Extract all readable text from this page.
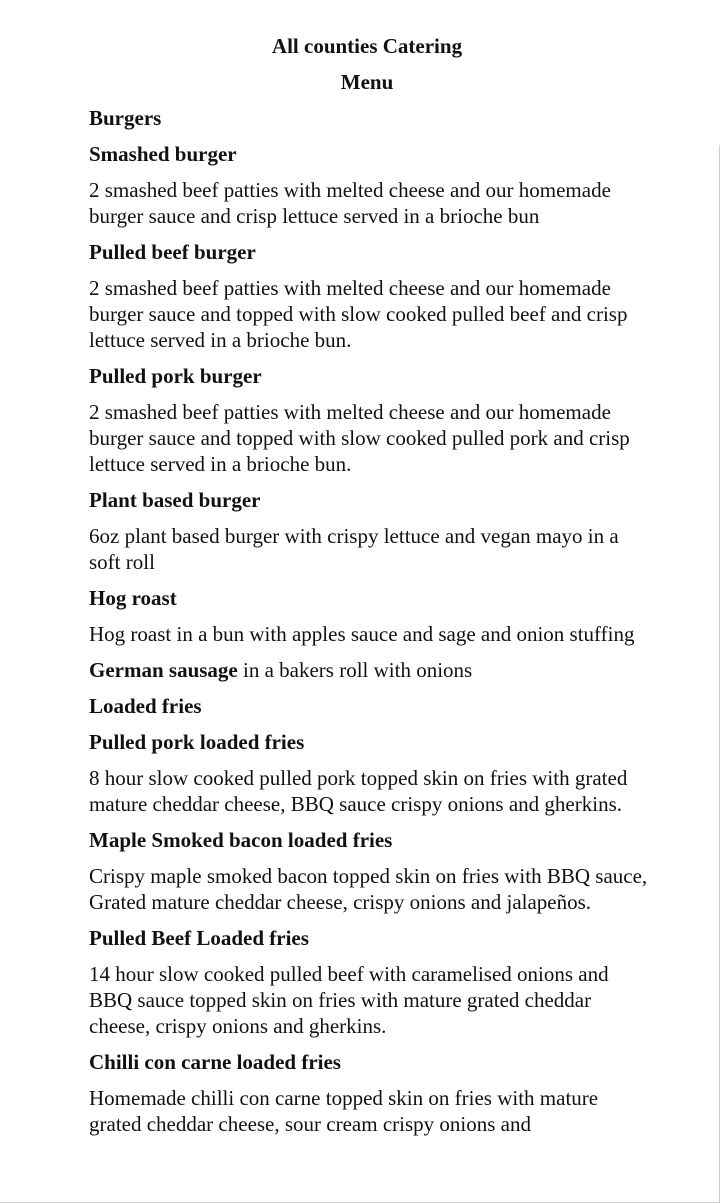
All counties Catering
Menu
Burgers
Smashed burger
2 smashed beef patties with melted cheese and our homemade burger sauce and crisp lettuce served in a brioche bun
Pulled beef burger
2 smashed beef patties with melted cheese and our homemade burger sauce and topped with slow cooked pulled beef and crisp lettuce served in a brioche bun.
Pulled pork burger
2 smashed beef patties with melted cheese and our homemade burger sauce and topped with slow cooked pulled pork and crisp lettuce served in a brioche bun.
Plant based burger
6oz plant based burger with crispy lettuce and vegan mayo in a soft roll
Hog roast
Hog roast in a bun with apples sauce and sage and onion stuffing
German sausage in a bakers roll with onions
Loaded fries
Pulled pork loaded fries
8 hour slow cooked pulled pork topped skin on fries with grated mature cheddar cheese, BBQ sauce crispy onions and gherkins.
Maple Smoked bacon loaded fries
Crispy maple smoked bacon topped skin on fries with BBQ sauce, Grated mature cheddar cheese, crispy onions and jalapeños.
Pulled Beef Loaded fries
14 hour slow cooked pulled beef with caramelised onions and BBQ sauce topped skin on fries with mature grated cheddar cheese, crispy onions and gherkins.
Chilli con carne loaded fries
Homemade chilli con carne topped skin on fries with mature grated cheddar cheese, sour cream crispy onions and
